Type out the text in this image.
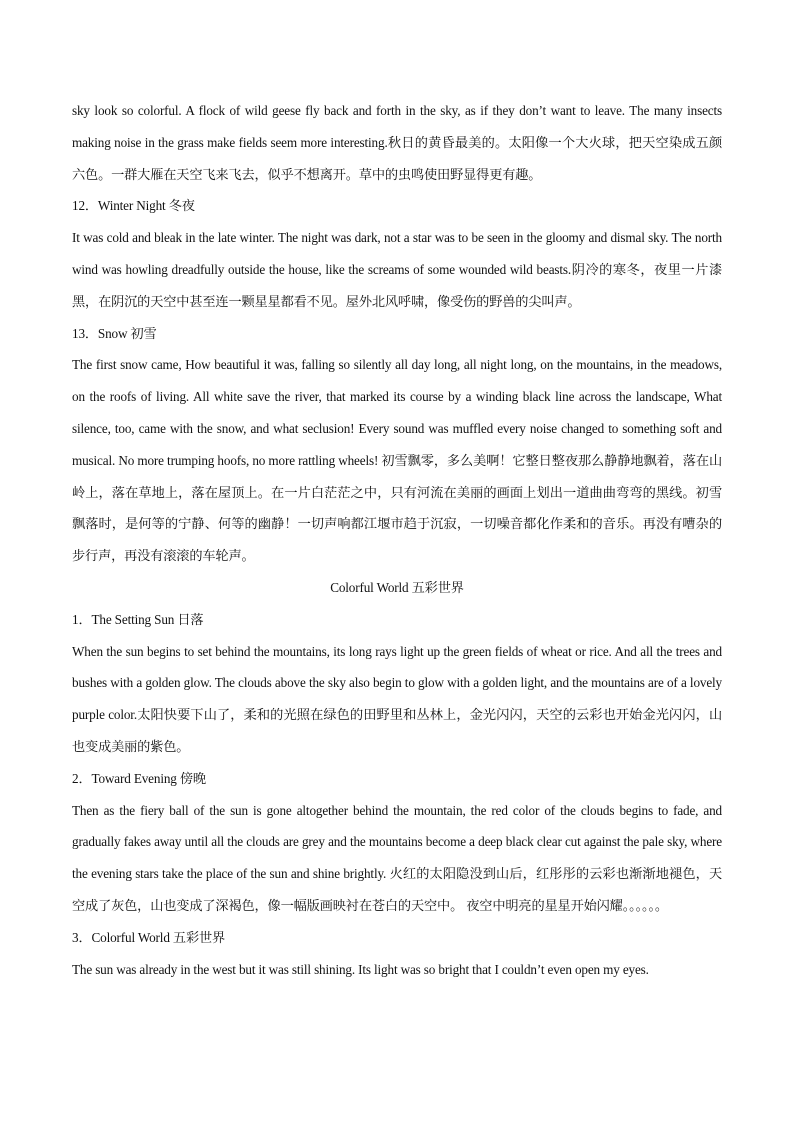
sky look so colorful. A flock of wild geese fly back and forth in the sky, as if they don’t want to leave. The many insects making noise in the grass make fields seem more interesting.秋日的黄昏最美的。太阳像一个大火球，把天空染成五颜六色。一群大雁在天空飞来飞去，似乎不想离开。草中的虫鸣使田野显得更有趣。

12．Winter Night 冬夜

It was cold and bleak in the late winter. The night was dark, not a star was to be seen in the gloomy and dismal sky. The north wind was howling dreadfully outside the house, like the screams of some wounded wild beasts.阴冷的寒冬，夜里一片漆黑，在阴沉的天空中甚至连一颗星星都看不见。屋外北风呼啸，像受伤的野兽的尖叫声。

13．Snow 初雪

The first snow came, How beautiful it was, falling so silently all day long, all night long, on the mountains, in the meadows, on the roofs of living. All white save the river, that marked its course by a winding black line across the landscape, What silence, too, came with the snow, and what seclusion! Every sound was muffled every noise changed to something soft and musical. No more trumping hoofs, no more rattling wheels! 初雪飘零，多么美啊！它整日整夜那么静静地飘着，落在山岭上，落在草地上，落在屋顶上。在一片白茫茫之中，只有河流在美丽的画面上划出一道曲曲弯弯的黑线。初雪飘落时，是何等的宁静、何等的幽静！一切声响都江堰市趋于沉寂，一切噪音都化作柔和的音乐。再没有嘈杂的步行声，再没有滚滚的车轮声。

Colorful World 五彩世界

1．The Setting Sun 日落

When the sun begins to set behind the mountains, its long rays light up the green fields of wheat or rice. And all the trees and bushes with a golden glow. The clouds above the sky also begin to glow with a golden light, and the mountains are of a lovely purple color.太阳快要下山了，柔和的光照在绿色的田野里和丛林上，金光闪闪，天空的云彩也开始金光闪闪，山也变成美丽的紫色。

2．Toward Evening 傍晚

Then as the fiery ball of the sun is gone altogether behind the mountain, the red color of the clouds begins to fade, and gradually fakes away until all the clouds are grey and the mountains become a deep black clear cut against the pale sky, where the evening stars take the place of the sun and shine brightly. 火红的太阳隐没到山后，红彤彤的云彩也渐渐地褪色，天空成了灰色，山也变成了深褐色，像一幅版画映衬在苍白的天空中。 夜空中明亮的星星开始闪耀。。。。。。

3．Colorful World 五彩世界

The sun was already in the west but it was still shining. Its light was so bright that I couldn’t even open my eyes.
